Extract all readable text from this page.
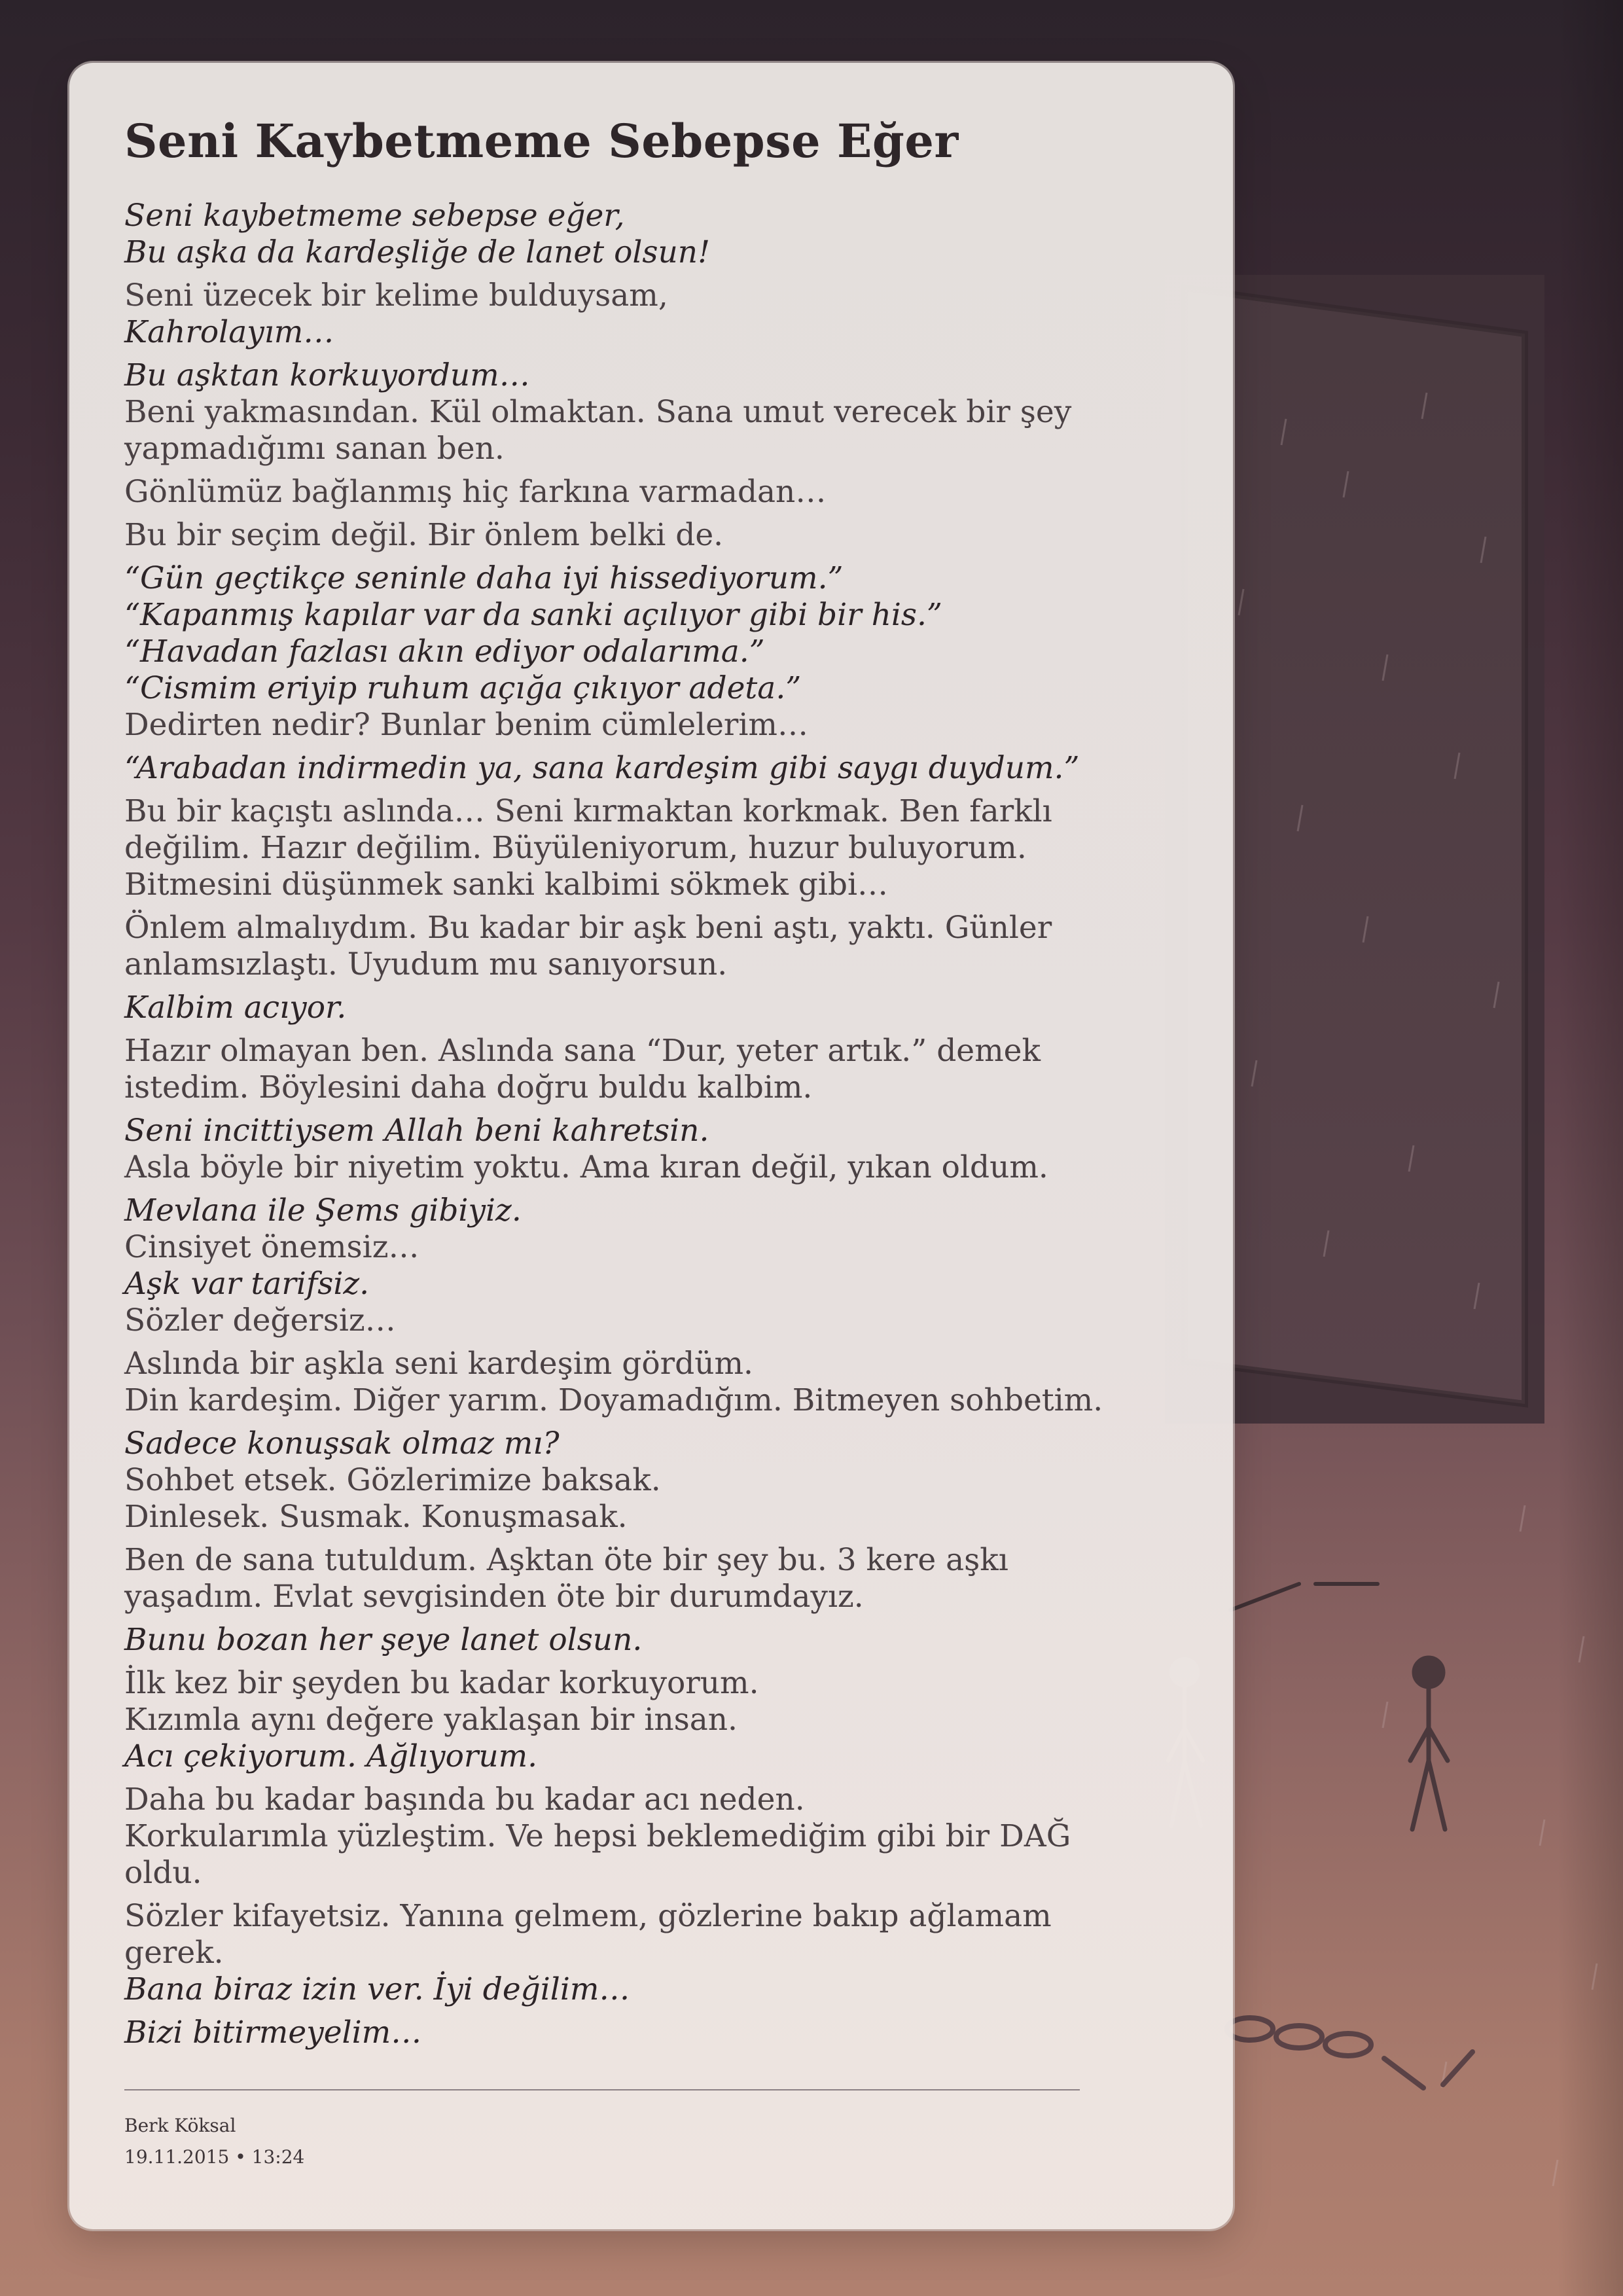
Seni Kaybetmeme Sebepse Eğer

Seni kaybetmeme sebepse eğer,

Bu aşka da kardeşliğe de lanet olsun!

Seni üzecek bir kelime bulduysam,

Kahrolayım…

Bu aşktan korkuyordum…

Beni yakmasından. Kül olmaktan. Sana umut verecek bir şey

yapmadığımı sanan ben.

Gönlümüz bağlanmış hiç farkına varmadan…

Bu bir seçim değil. Bir önlem belki de.

“Gün geçtikçe seninle daha iyi hissediyorum.”

“Kapanmış kapılar var da sanki açılıyor gibi bir his.”

“Havadan fazlası akın ediyor odalarıma.”

“Cismim eriyip ruhum açığa çıkıyor adeta.”

Dedirten nedir? Bunlar benim cümlelerim…

“Arabadan indirmedin ya, sana kardeşim gibi saygı duydum.”

Bu bir kaçıştı aslında… Seni kırmaktan korkmak. Ben farklı

değilim. Hazır değilim. Büyüleniyorum, huzur buluyorum.

Bitmesini düşünmek sanki kalbimi sökmek gibi…

Önlem almalıydım. Bu kadar bir aşk beni aştı, yaktı. Günler

anlamsızlaştı. Uyudum mu sanıyorsun.

Kalbim acıyor.

Hazır olmayan ben. Aslında sana “Dur, yeter artık.” demek

istedim. Böylesini daha doğru buldu kalbim.

Seni incittiysem Allah beni kahretsin.

Asla böyle bir niyetim yoktu. Ama kıran değil, yıkan oldum.

Mevlana ile Şems gibiyiz.

Cinsiyet önemsiz…

Aşk var tarifsiz.

Sözler değersiz…

Aslında bir aşkla seni kardeşim gördüm.

Din kardeşim. Diğer yarım. Doyamadığım. Bitmeyen sohbetim.

Sadece konuşsak olmaz mı?

Sohbet etsek. Gözlerimize baksak.

Dinlesek. Susmak. Konuşmasak.

Ben de sana tutuldum. Aşktan öte bir şey bu. 3 kere aşkı

yaşadım. Evlat sevgisinden öte bir durumdayız.

Bunu bozan her şeye lanet olsun.

İlk kez bir şeyden bu kadar korkuyorum.

Kızımla aynı değere yaklaşan bir insan.

Acı çekiyorum. Ağlıyorum.

Daha bu kadar başında bu kadar acı neden.

Korkularımla yüzleştim. Ve hepsi beklemediğim gibi bir DAĞ

oldu.

Sözler kifayetsiz. Yanına gelmem, gözlerine bakıp ağlamam

gerek.

Bana biraz izin ver. İyi değilim…

Bizi bitirmeyelim…

Berk Köksal

19.11.2015 • 13:24
